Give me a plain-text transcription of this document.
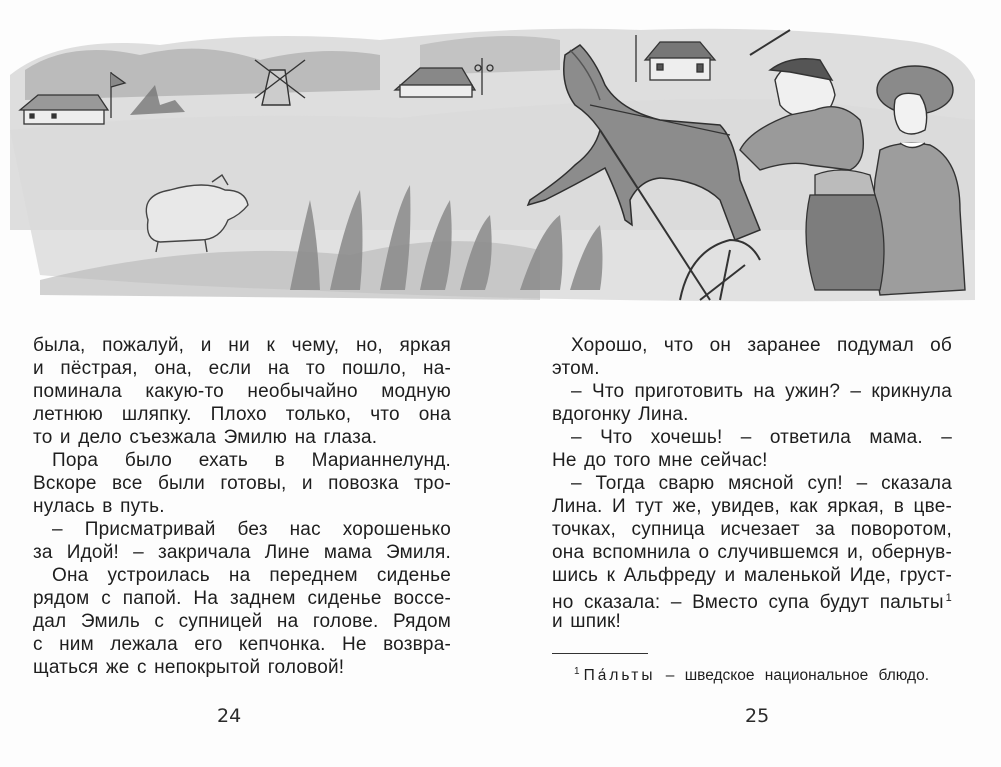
была, пожалуй, и ни к чему, но, яркая
и пёстрая, она, если на то пошло, на-
поминала какую-то необычайно модную
летнюю шляпку. Плохо только, что она
то и дело съезжала Эмилю на глаза.
Пора было ехать в Марианнелунд.
Вскоре все были готовы, и повозка тро-
нулась в путь.
– Присматривай без нас хорошенько
за Идой! – закричала Лине мама Эмиля.
Она устроилась на переднем сиденье
рядом с папой. На заднем сиденье воссе-
дал Эмиль с супницей на голове. Рядом
с ним лежала его кепчонка. Не возвра-
щаться же с непокрытой головой!
Хорошо, что он заранее подумал об
этом.
– Что приготовить на ужин? – крикнула
вдогонку Лина.
– Что хочешь! – ответила мама. –
Не до того мне сейчас!
– Тогда сварю мясной суп! – сказала
Лина. И тут же, увидев, как яркая, в цве-
точках, супница исчезает за поворотом,
она вспомнила о случившемся и, обернув-
шись к Альфреду и маленькой Иде, груст-
но сказала: – Вместо супа будут пальты $^1$
и шпик!
$^1$ Па́льты – шведское национальное блюдо.
24	25
